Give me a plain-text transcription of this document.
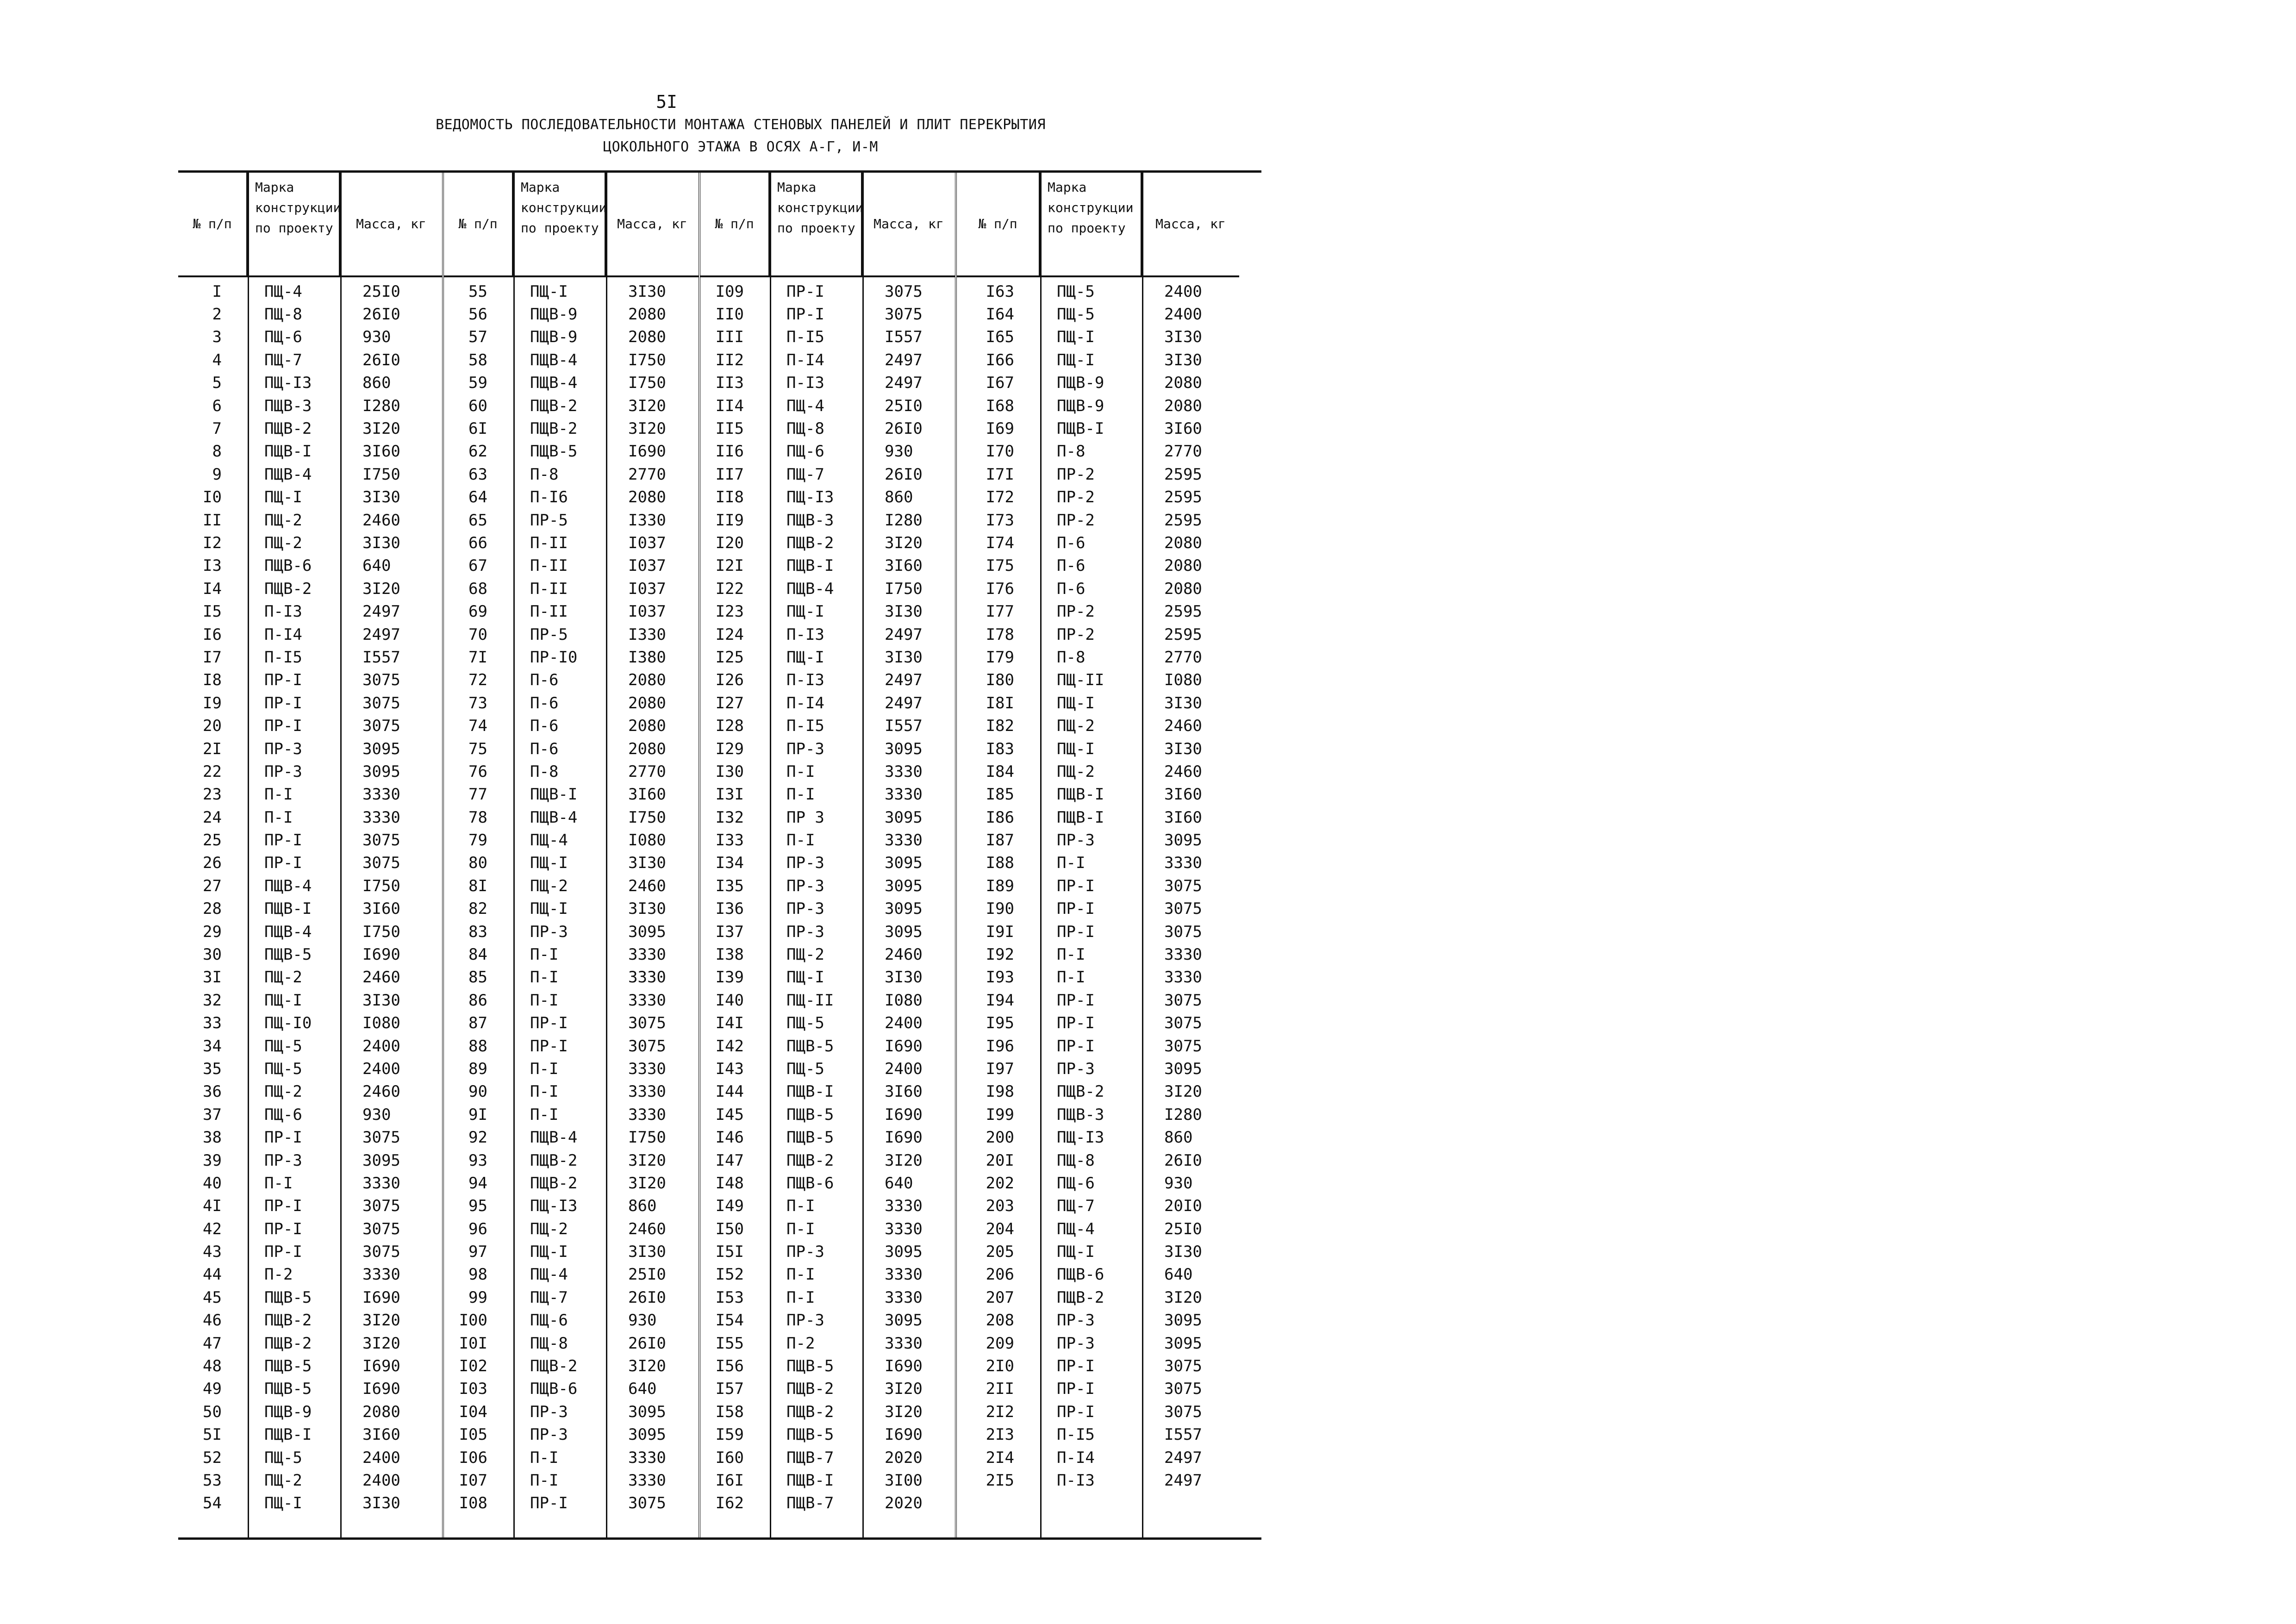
5I
ВЕДОМОСТЬ ПОСЛЕДОВАТЕЛЬНОСТИ МОНТАЖА СТЕНОВЫХ ПАНЕЛЕЙ И ПЛИТ ПЕРЕКРЫТИЯ
ЦОКОЛЬНОГО ЭТАЖА В ОСЯХ А-Г, И-М
№ п/п
Марка конструкции по проекту	Масса, кг
I	ПЩ-4	25I0
2	ПЩ-8	26I0
3	ПЩ-6	930
4	ПЩ-7	26I0
5	ПЩ-I3	860
6	ПЩВ-3	I280
7	ПЩВ-2	3I20
8	ПЩВ-I	3I60
9	ПЩВ-4	I750
I0	ПЩ-I	3I30
II	ПЩ-2	2460
I2	ПЩ-2	3I30
I3	ПЩВ-6	640
I4	ПЩВ-2	3I20
I5	П-I3	2497
I6	П-I4	2497
I7	П-I5	I557
I8	ПР-I	3075
I9	ПР-I	3075
20	ПР-I	3075
2I	ПР-3	3095
22	ПР-3	3095
23	П-I	3330
24	П-I	3330
25	ПР-I	3075
26	ПР-I	3075
27	ПЩВ-4	I750
28	ПЩВ-I	3I60
29	ПЩВ-4	I750
30	ПЩВ-5	I690
3I	ПЩ-2	2460
32	ПЩ-I	3I30
33	ПЩ-I0	I080
34	ПЩ-5	2400
35	ПЩ-5	2400
36	ПЩ-2	2460
37	ПЩ-6	930
38	ПР-I	3075
39	ПР-3	3095
40	П-I	3330
4I	ПР-I	3075
42	ПР-I	3075
43	ПР-I	3075
44	П-2	3330
45	ПЩВ-5	I690
46	ПЩВ-2	3I20
47	ПЩВ-2	3I20
48	ПЩВ-5	I690
49	ПЩВ-5	I690
50	ПЩВ-9	2080
5I	ПЩВ-I	3I60
52	ПЩ-5	2400
53	ПЩ-2	2400
54	ПЩ-I	3I30
№ п/п
Марка конструкции по проекту	Масса, кг
55	ПЩ-I	3I30
56	ПЩВ-9	2080
57	ПЩВ-9	2080
58	ПЩВ-4	I750
59	ПЩВ-4	I750
60	ПЩВ-2	3I20
6I	ПЩВ-2	3I20
62	ПЩВ-5	I690
63	П-8	2770
64	П-I6	2080
65	ПР-5	I330
66	П-II	I037
67	П-II	I037
68	П-II	I037
69	П-II	I037
70	ПР-5	I330
7I	ПР-I0	I380
72	П-6	2080
73	П-6	2080
74	П-6	2080
75	П-6	2080
76	П-8	2770
77	ПЩВ-I	3I60
78	ПЩВ-4	I750
79	ПЩ-4	I080
80	ПЩ-I	3I30
8I	ПЩ-2	2460
82	ПЩ-I	3I30
83	ПР-3	3095
84	П-I	3330
85	П-I	3330
86	П-I	3330
87	ПР-I	3075
88	ПР-I	3075
89	П-I	3330
90	П-I	3330
9I	П-I	3330
92	ПЩВ-4	I750
93	ПЩВ-2	3I20
94	ПЩВ-2	3I20
95	ПЩ-I3	860
96	ПЩ-2	2460
97	ПЩ-I	3I30
98	ПЩ-4	25I0
99	ПЩ-7	26I0
I00	ПЩ-6	930
I0I	ПЩ-8	26I0
I02	ПЩВ-2	3I20
I03	ПЩВ-6	640
I04	ПР-3	3095
I05	ПР-3	3095
I06	П-I	3330
I07	П-I	3330
I08	ПР-I	3075
№ п/п
Марка конструкции по проекту	Масса, кг
I09	ПР-I	3075
II0	ПР-I	3075
III	П-I5	I557
II2	П-I4	2497
II3	П-I3	2497
II4	ПЩ-4	25I0
II5	ПЩ-8	26I0
II6	ПЩ-6	930
II7	ПЩ-7	26I0
II8	ПЩ-I3	860
II9	ПЩВ-3	I280
I20	ПЩВ-2	3I20
I2I	ПЩВ-I	3I60
I22	ПЩВ-4	I750
I23	ПЩ-I	3I30
I24	П-I3	2497
I25	ПЩ-I	3I30
I26	П-I3	2497
I27	П-I4	2497
I28	П-I5	I557
I29	ПР-3	3095
I30	П-I	3330
I3I	П-I	3330
I32	ПР 3	3095
I33	П-I	3330
I34	ПР-3	3095
I35	ПР-3	3095
I36	ПР-3	3095
I37	ПР-3	3095
I38	ПЩ-2	2460
I39	ПЩ-I	3I30
I40	ПЩ-II	I080
I4I	ПЩ-5	2400
I42	ПЩВ-5	I690
I43	ПЩ-5	2400
I44	ПЩВ-I	3I60
I45	ПЩВ-5	I690
I46	ПЩВ-5	I690
I47	ПЩВ-2	3I20
I48	ПЩВ-6	640
I49	П-I	3330
I50	П-I	3330
I5I	ПР-3	3095
I52	П-I	3330
I53	П-I	3330
I54	ПР-3	3095
I55	П-2	3330
I56	ПЩВ-5	I690
I57	ПЩВ-2	3I20
I58	ПЩВ-2	3I20
I59	ПЩВ-5	I690
I60	ПЩВ-7	2020
I6I	ПЩВ-I	3I00
I62	ПЩВ-7	2020
№ п/п
Марка конструкции по проекту	Масса, кг
I63	ПЩ-5	2400
I64	ПЩ-5	2400
I65	ПЩ-I	3I30
I66	ПЩ-I	3I30
I67	ПЩВ-9	2080
I68	ПЩВ-9	2080
I69	ПЩВ-I	3I60
I70	П-8	2770
I7I	ПР-2	2595
I72	ПР-2	2595
I73	ПР-2	2595
I74	П-6	2080
I75	П-6	2080
I76	П-6	2080
I77	ПР-2	2595
I78	ПР-2	2595
I79	П-8	2770
I80	ПЩ-II	I080
I8I	ПЩ-I	3I30
I82	ПЩ-2	2460
I83	ПЩ-I	3I30
I84	ПЩ-2	2460
I85	ПЩВ-I	3I60
I86	ПЩВ-I	3I60
I87	ПР-3	3095
I88	П-I	3330
I89	ПР-I	3075
I90	ПР-I	3075
I9I	ПР-I	3075
I92	П-I	3330
I93	П-I	3330
I94	ПР-I	3075
I95	ПР-I	3075
I96	ПР-I	3075
I97	ПР-3	3095
I98	ПЩВ-2	3I20
I99	ПЩВ-3	I280
200	ПЩ-I3	860
20I	ПЩ-8	26I0
202	ПЩ-6	930
203	ПЩ-7	20I0
204	ПЩ-4	25I0
205	ПЩ-I	3I30
206	ПЩВ-6	640
207	ПЩВ-2	3I20
208	ПР-3	3095
209	ПР-3	3095
2I0	ПР-I	3075
2II	ПР-I	3075
2I2	ПР-I	3075
2I3	П-I5	I557
2I4	П-I4	2497
2I5	П-I3	2497
